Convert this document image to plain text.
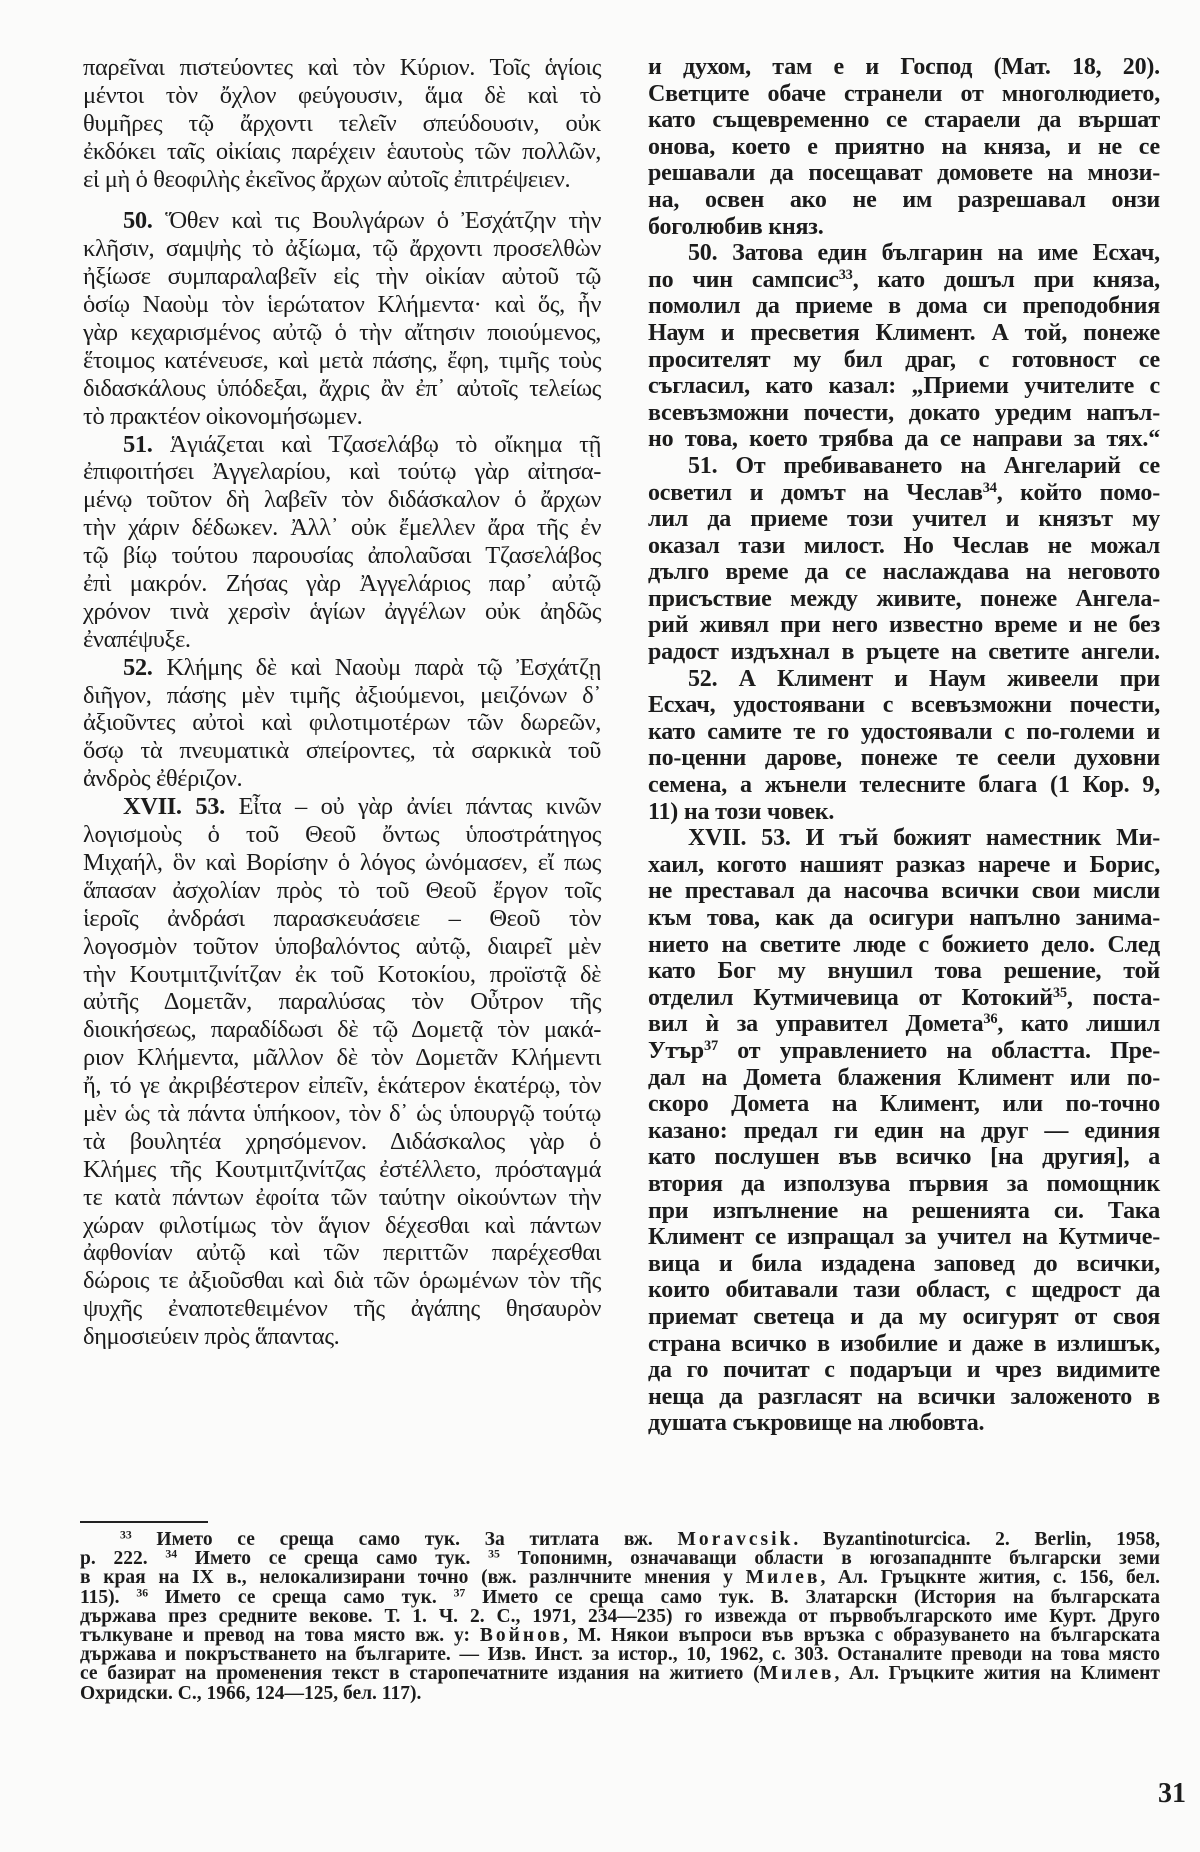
παρεῖναι πιστεύοντες καὶ τὸν Κύριον. Τοῖς ἁγίοις
μέντοι τὸν ὄχλον φεύγουσιν, ἅμα δὲ καὶ τὸ
θυμῆρες τῷ ἄρχοντι τελεῖν σπεύδουσιν, οὐκ
ἐκδόκει ταῖς οἰκίαις παρέχειν ἑαυτοὺς τῶν πολλῶν,
εἰ μὴ ὁ θεοφιλὴς ἐκεῖνος ἄρχων αὐτοῖς ἐπιτρέψειεν.
50. Ὅθεν καὶ τις Βουλγάρων ὁ Ἐσχάτζην τὴν
κλῆσιν, σαμψὴς τὸ ἀξίωμα, τῷ ἄρχοντι προσελθὼν
ἠξίωσε συμπαραλαβεῖν εἰς τὴν οἰκίαν αὐτοῦ τῷ
ὁσίῳ Ναοὺμ τὸν ἱερώτατον Κλήμεντα· καὶ ὅς, ἦν
γὰρ κεχαρισμένος αὐτῷ ὁ τὴν αἴτησιν ποιούμενος,
ἕτοιμος κατένευσε, καὶ μετὰ πάσης, ἔφη, τιμῆς τοὺς
διδασκάλους ὑπόδεξαι, ἄχρις ἂν ἐπ᾽ αὐτοῖς τελείως
τὸ πρακτέον οἰκονομήσωμεν.
51. Ἁγιάζεται καὶ Τζασελάβῳ τὸ οἴκημα τῇ
ἐπιφοιτήσει Ἀγγελαρίου, καὶ τούτῳ γὰρ αἰτησα-
μένῳ τοῦτον δὴ λαβεῖν τὸν διδάσκαλον ὁ ἄρχων
τὴν χάριν δέδωκεν. Ἀλλ᾽ οὐκ ἔμελλεν ἄρα τῆς ἐν
τῷ βίῳ τούτου παρουσίας ἀπολαῦσαι Τζασελάβος
ἐπὶ μακρόν. Ζήσας γὰρ Ἀγγελάριος παρ᾽ αὐτῷ
χρόνον τινὰ χερσὶν ἁγίων ἀγγέλων οὐκ ἀηδῶς
ἐναπέψυξε.
52. Κλήμης δὲ καὶ Ναοὺμ παρὰ τῷ Ἐσχάτζῃ
διῆγον, πάσης μὲν τιμῆς ἀξιούμενοι, μειζόνων δ᾽
ἀξιοῦντες αὐτοὶ καὶ φιλοτιμοτέρων τῶν δωρεῶν,
ὅσῳ τὰ πνευματικὰ σπείροντες, τὰ σαρκικὰ τοῦ
ἀνδρὸς ἐθέριζον.
XVII. 53. Εἶτα – οὐ γὰρ ἀνίει πάντας κινῶν
λογισμοὺς ὁ τοῦ Θεοῦ ὄντως ὑποστράτηγος
Μιχαήλ, ὃν καὶ Βορίσην ὁ λόγος ὠνόμασεν, εἴ πως
ἅπασαν ἀσχολίαν πρὸς τὸ τοῦ Θεοῦ ἔργον τοῖς
ἱεροῖς ἀνδράσι παρασκευάσειε – Θεοῦ τὸν
λογοσμὸν τοῦτον ὑποβαλόντος αὐτῷ, διαιρεῖ μὲν
τὴν Κουτμιτζινίτζαν ἐκ τοῦ Κοτοκίου, προϊστᾷ δὲ
αὐτῆς Δομετᾶν, παραλύσας τὸν Οὖτρον τῆς
διοικήσεως, παραδίδωσι δὲ τῷ Δομετᾷ τὸν μακά-
ριον Κλήμεντα, μᾶλλον δὲ τὸν Δομετᾶν Κλήμεντι
ἤ, τό γε ἀκριβέστερον εἰπεῖν, ἑκάτερον ἑκατέρῳ, τὸν
μὲν ὡς τὰ πάντα ὑπήκοον, τὸν δ᾽ ὡς ὑπουργῷ τούτῳ
τὰ βουλητέα χρησόμενον. Διδάσκαλος γὰρ ὁ
Κλήμες τῆς Κουτμιτζινίτζας ἐστέλλετο, πρόσταγμά
τε κατὰ πάντων ἐφοίτα τῶν ταύτην οἰκούντων τὴν
χώραν φιλοτίμως τὸν ἅγιον δέχεσθαι καὶ πάντων
ἀφθονίαν αὐτῷ καὶ τῶν περιττῶν παρέχεσθαι
δώροις τε ἀξιοῦσθαι καὶ διὰ τῶν ὁρωμένων τὸν τῆς
ψυχῆς ἐναποτεθειμένον τῆς ἀγάπης θησαυρὸν
δημοσιεύειν πρὸς ἅπαντας.
и духом, там е и Господ (Мат. 18, 20).
Светците обаче странели от многолюдието,
като същевременно се стараели да вършат
онова, което е приятно на княза, и не се
решавали да посещават домовете на мнози-
на, освен ако не им разрешавал онзи
боголюбив княз.
50. Затова един българин на име Есхач,
по чин сампсис$^{33}$, като дошъл при княза,
помолил да приеме в дома си преподобния
Наум и пресветия Климент. А той, понеже
просителят му бил драг, с готовност се
съгласил, като казал: „Приеми учителите с
всевъзможни почести, докато уредим напъл-
но това, което трябва да се направи за тях.“
51. От пребиваването на Ангеларий се
осветил и домът на Чеслав$^{34}$, който помо-
лил да приеме този учител и князът му
оказал тази милост. Но Чеслав не можал
дълго време да се наслаждава на неговото
присъствие между живите, понеже Ангела-
рий живял при него известно време и не без
радост издъхнал в ръцете на светите ангели.
52. А Климент и Наум живеели при
Есхач, удостоявани с всевъзможни почести,
като самите те го удостоявали с по-големи и
по-ценни дарове, понеже те сеели духовни
семена, а жънели телесните блага (1 Кор. 9,
11) на този човек.
XVII. 53. И тъй божият наместник Ми-
хаил, когото нашият разказ нарече и Борис,
не преставал да насочва всички свои мисли
към това, как да осигури напълно занима-
нието на светите люде с божието дело. След
като Бог му внушил това решение, той
отделил Кутмичевица от Котокий$^{35}$, поста-
вил ѝ за управител Домета$^{36}$, като лишил
Утър$^{37}$ от управлението на областта. Пре-
дал на Домета блажения Климент или по-
скоро Домета на Климент, или по-точно
казано: предал ги един на друг — единия
като послушен във всичко [на другия], а
втория да използува първия за помощник
при изпълнение на решенията си. Така
Климент се изпращал за учител на Кутмиче-
вица и била издадена заповед до всички,
които обитавали тази област, с щедрост да
приемат светеца и да му осигурят от своя
страна всичко в изобилие и даже в излишък,
да го почитат с подаръци и чрез видимите
неща да разгласят на всички заложеното в
душата съкровище на любовта.
$^{33}$ Името се среща само тук. За титлата вж. Moravcsik. Byzantinoturcica. 2. Berlin, 1958,
p. 222. $^{34}$ Името се среща само тук. $^{35}$ Топонимн, означаващи области в югозападнпте български земи
в края на IX в., нелокализирани точно (вж. разлнчните мнения у Милев, Ал. Гръцкнте жития, с. 156, бел.
115). $^{36}$ Името се среща само тук. $^{37}$ Името се среща само тук. В. Златарскн (История на българската
държава през средните векове. Т. 1. Ч. 2. С., 1971, 234—235) го извежда от първобългарското име Курт. Друго
тълкуване и превод на това място вж. у: Войнов, М. Някои въпроси във връзка с образуването на българската
държава и покръстването на българите. — Изв. Инст. за истор., 10, 1962, с. 303. Останалите преводи на това място
се базират на променения текст в старопечатните издания на житието (Милев, Ал. Гръцките жития на Климент
Охридски. С., 1966, 124—125, бел. 117).
31
